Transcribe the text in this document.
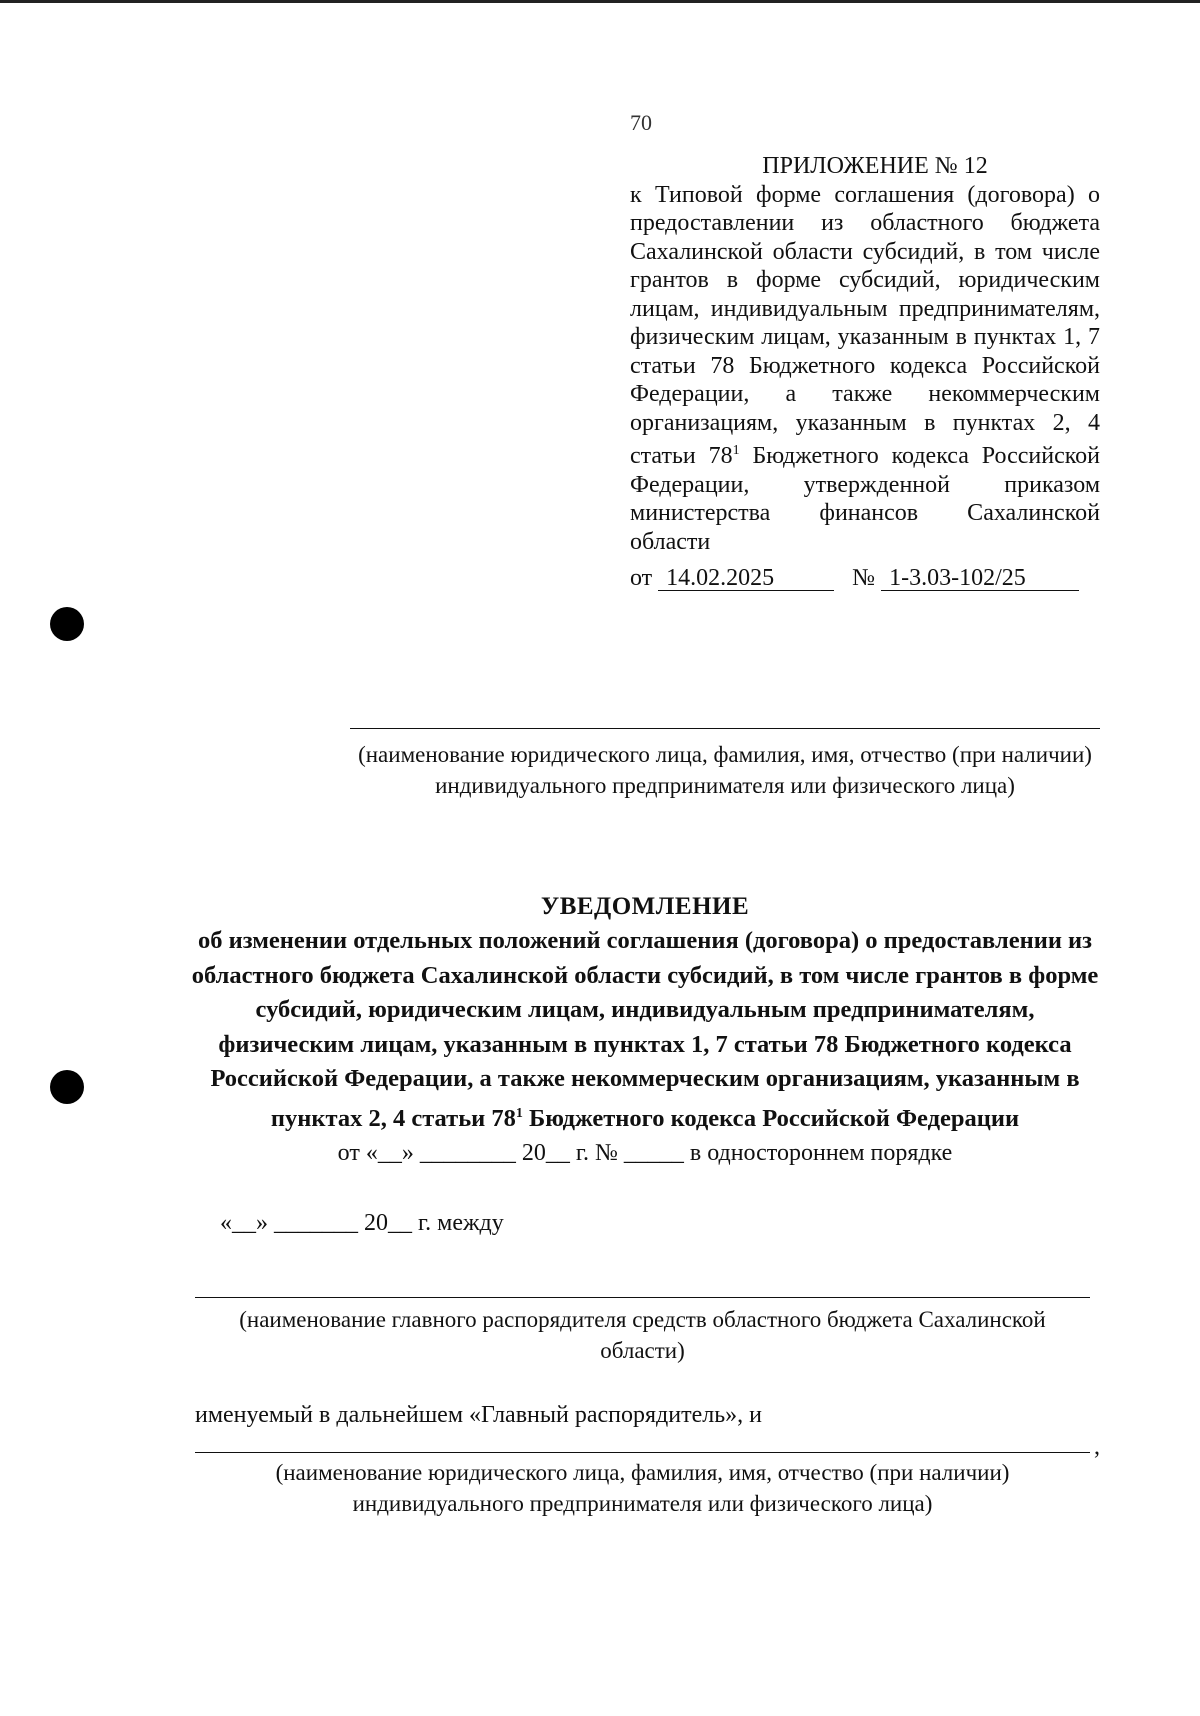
70
ПРИЛОЖЕНИЕ № 12
к Типовой форме соглашения (договора) о предоставлении из областного бюджета Сахалинской области субсидий, в том числе грантов в форме субсидий, юридическим лицам, индивидуальным предпринимателям, физическим лицам, указанным в пунктах 1, 7 статьи 78 Бюджетного кодекса Российской Федерации, а также некоммерческим организациям, указанным в пунктах 2, 4 статьи $78^1$ Бюджетного кодекса Российской Федерации, утвержденной приказом министерства финансов Сахалинской области
от 14.02.2025	№ 1-3.03-102/25
(наименование юридического лица, фамилия, имя, отчество (при наличии) индивидуального предпринимателя или физического лица)
УВЕДОМЛЕНИЕ
об изменении отдельных положений соглашения (договора) о предоставлении из областного бюджета Сахалинской области субсидий, в том числе грантов в форме субсидий, юридическим лицам, индивидуальным предпринимателям, физическим лицам, указанным в пунктах 1, 7 статьи 78 Бюджетного кодекса Российской Федерации, а также некоммерческим организациям, указанным в пунктах 2, 4 статьи $78^1$ Бюджетного кодекса Российской Федерации
от «__» ________ 20__ г. № _____ в одностороннем порядке
«__» _______ 20__ г. между
(наименование главного распорядителя средств областного бюджета Сахалинской области)
именуемый в дальнейшем «Главный распорядитель», и
,
(наименование юридического лица, фамилия, имя, отчество (при наличии) индивидуального предпринимателя или физического лица)
